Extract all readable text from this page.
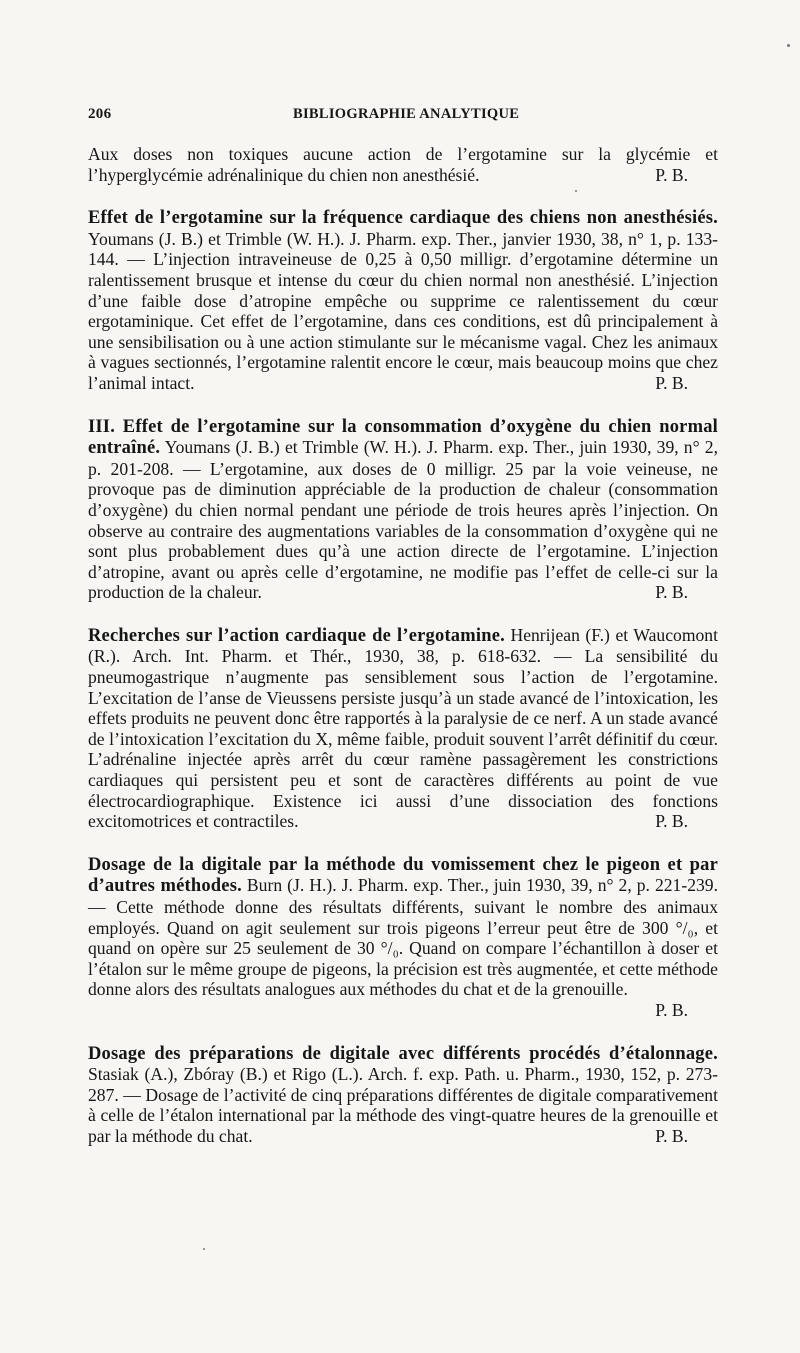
206	BIBLIOGRAPHIE ANALYTIQUE

Aux doses non toxiques aucune action de l’ergotamine sur la glycémie et l’hyperglycémie adrénalinique du chien non anesthésié.	P. B.

Effet de l’ergotamine sur la fréquence cardiaque des chiens non anesthésiés. Youmans (J. B.) et Trimble (W. H.). J. Pharm. exp. Ther., janvier 1930, 38, n° 1, p. 133-144. — L’injection intraveineuse de 0,25 à 0,50 milligr. d’ergotamine détermine un ralentissement brusque et intense du cœur du chien normal non anesthésié. L’injection d’une faible dose d’atropine empêche ou supprime ce ralentissement du cœur ergotaminique. Cet effet de l’ergotamine, dans ces conditions, est dû principalement à une sensibilisation ou à une action stimulante sur le mécanisme vagal. Chez les animaux à vagues sectionnés, l’ergotamine ralentit encore le cœur, mais beaucoup moins que chez l’animal intact.	P. B.

III. Effet de l’ergotamine sur la consommation d’oxygène du chien normal entraîné. Youmans (J. B.) et Trimble (W. H.). J. Pharm. exp. Ther., juin 1930, 39, n° 2, p. 201-208. — L’ergotamine, aux doses de 0 milligr. 25 par la voie veineuse, ne provoque pas de diminution appréciable de la production de chaleur (consommation d’oxygène) du chien normal pendant une période de trois heures après l’injection. On observe au contraire des augmentations variables de la consommation d’oxygène qui ne sont plus probablement dues qu’à une action directe de l’ergotamine. L’injection d’atropine, avant ou après celle d’ergotamine, ne modifie pas l’effet de celle-ci sur la production de la chaleur.	P. B.

Recherches sur l’action cardiaque de l’ergotamine. Henrijean (F.) et Waucomont (R.). Arch. Int. Pharm. et Thér., 1930, 38, p. 618-632. — La sensibilité du pneumogastrique n’augmente pas sensiblement sous l’action de l’ergotamine. L’excitation de l’anse de Vieussens persiste jusqu’à un stade avancé de l’intoxication, les effets produits ne peuvent donc être rapportés à la paralysie de ce nerf. A un stade avancé de l’intoxication l’excitation du X, même faible, produit souvent l’arrêt définitif du cœur. L’adrénaline injectée après arrêt du cœur ramène passagèrement les constrictions cardiaques qui persistent peu et sont de caractères différents au point de vue électrocardiographique. Existence ici aussi d’une dissociation des fonctions excitomotrices et contractiles.	P. B.

Dosage de la digitale par la méthode du vomissement chez le pigeon et par d’autres méthodes. Burn (J. H.). J. Pharm. exp. Ther., juin 1930, 39, n° 2, p. 221-239. — Cette méthode donne des résultats différents, suivant le nombre des animaux employés. Quand on agit seulement sur trois pigeons l’erreur peut être de 300 °/₀, et quand on opère sur 25 seulement de 30 °/₀. Quand on compare l’échantillon à doser et l’étalon sur le même groupe de pigeons, la précision est très augmentée, et cette méthode donne alors des résultats analogues aux méthodes du chat et de la grenouille.
P. B.

Dosage des préparations de digitale avec différents procédés d’étalonnage. Stasiak (A.), Zbóray (B.) et Rigo (L.). Arch. f. exp. Path. u. Pharm., 1930, 152, p. 273-287. — Dosage de l’activité de cinq préparations différentes de digitale comparativement à celle de l’étalon international par la méthode des vingt-quatre heures de la grenouille et par la méthode du chat.	P. B.
